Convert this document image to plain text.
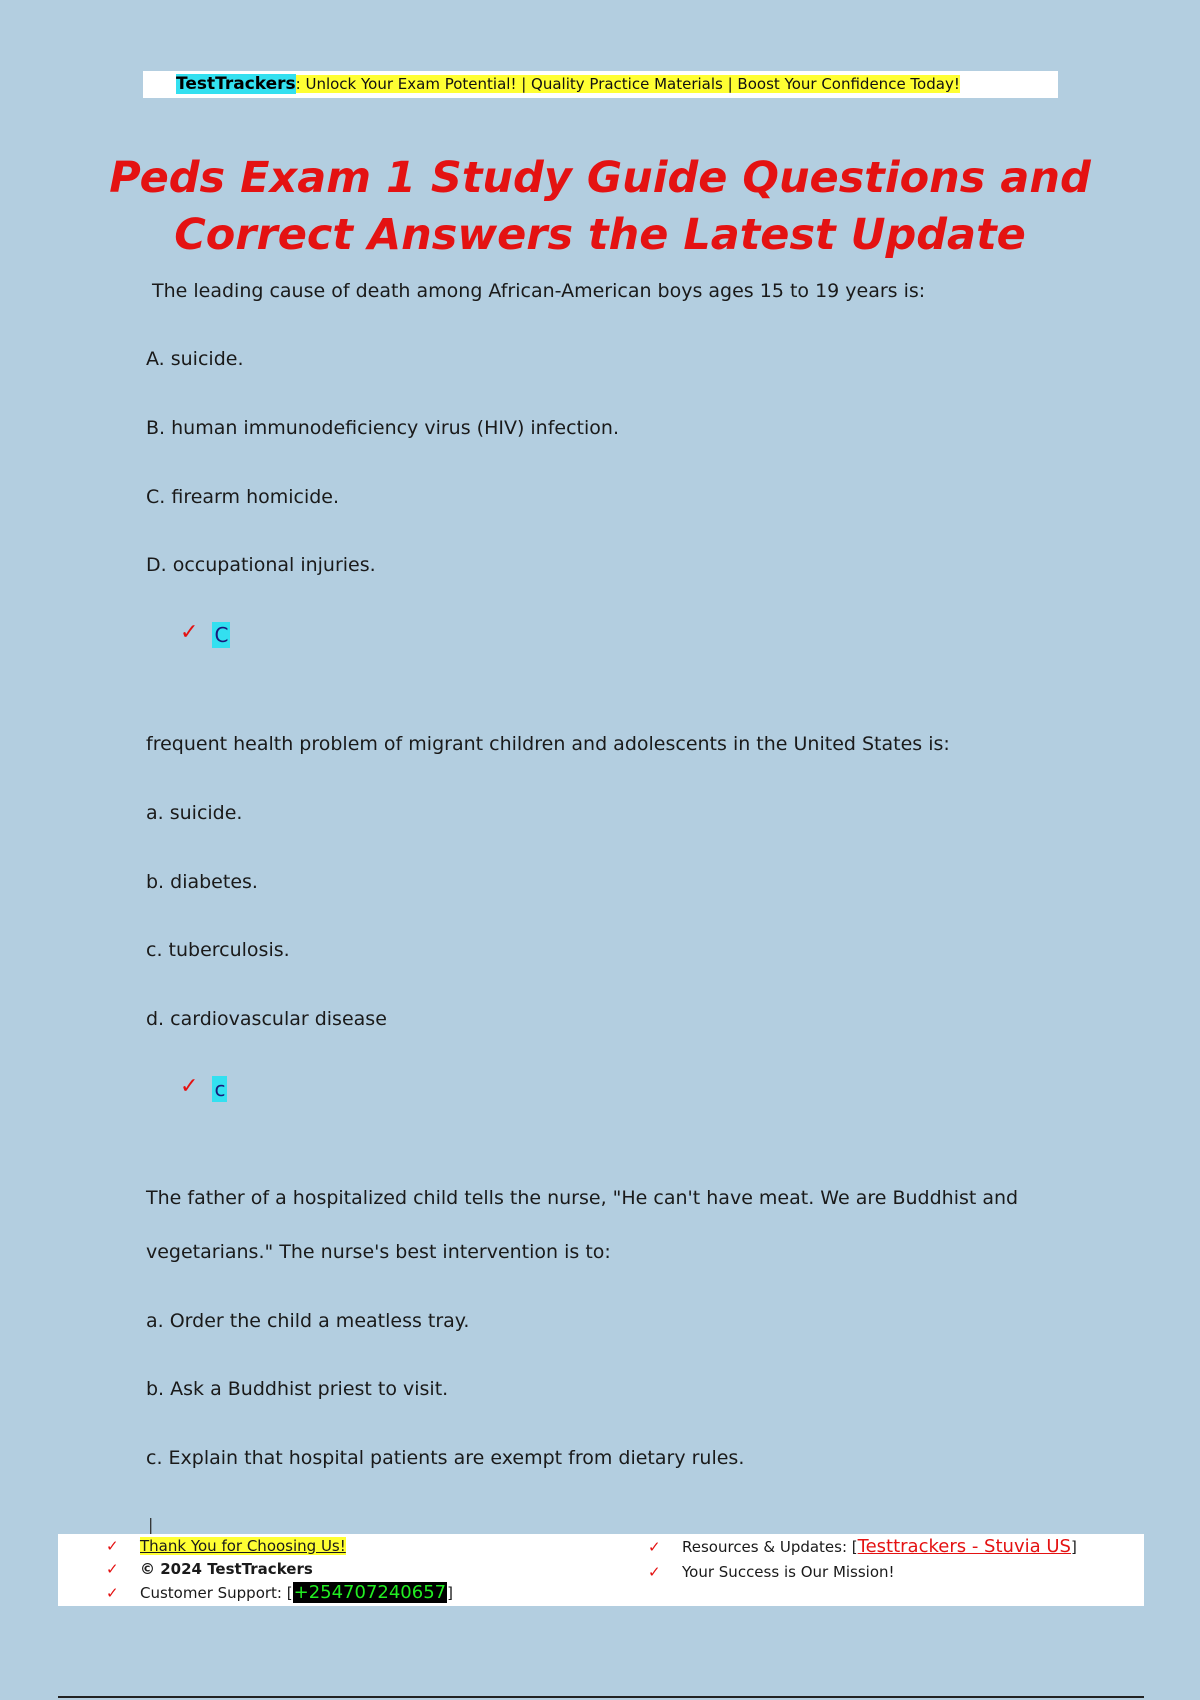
TestTrackers: Unlock Your Exam Potential! | Quality Practice Materials | Boost Your Confidence Today!
Peds Exam 1 Study Guide Questions and
Correct Answers the Latest Update
The leading cause of death among African-American boys ages 15 to 19 years is:
A. suicide.
B. human immunodeficiency virus (HIV) infection.
C. firearm homicide.
D. occupational injuries.
✓ C
frequent health problem of migrant children and adolescents in the United States is:
a. suicide.
b. diabetes.
c. tuberculosis.
d. cardiovascular disease
✓ c
The father of a hospitalized child tells the nurse, "He can't have meat. We are Buddhist and
vegetarians." The nurse's best intervention is to:
a. Order the child a meatless tray.
b. Ask a Buddhist priest to visit.
c. Explain that hospital patients are exempt from dietary rules.
|
✓ Thank You for Choosing Us!
✓ © 2024 TestTrackers
✓ Customer Support: [+254707240657]
✓ Resources & Updates: [Testtrackers - Stuvia US]
✓ Your Success is Our Mission!
